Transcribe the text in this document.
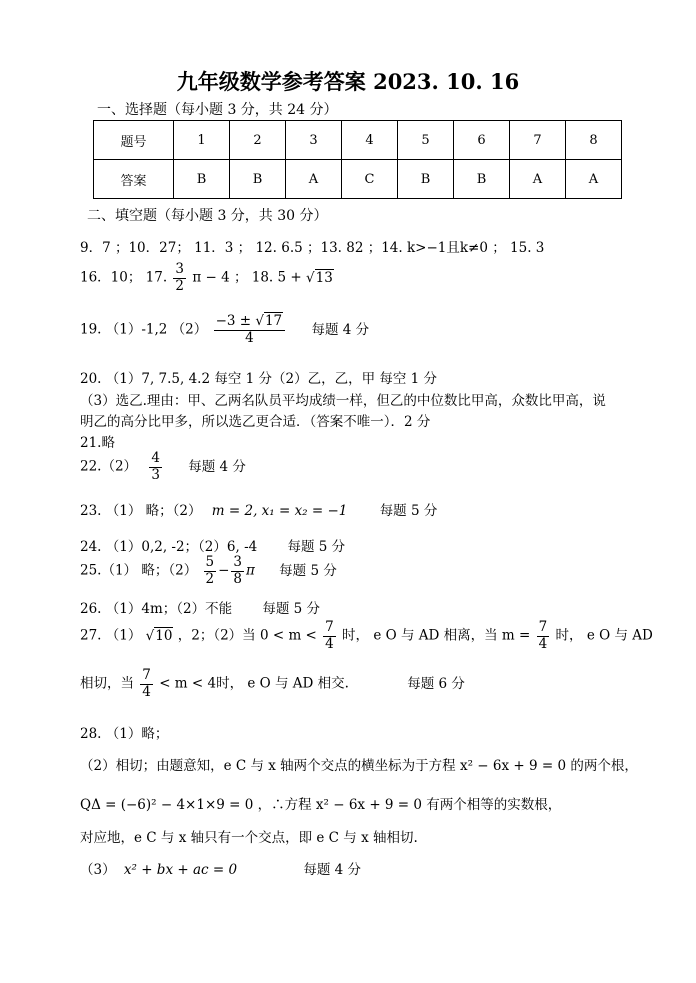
九年级数学参考答案 2023. 10. 16
一、选择题（每小题 3 分，共 24 分）
题号	1	2	3	4	5	6	7	8
答案	B	B	A	C	B	B	A	A
二、填空题（每小题 3 分，共 30 分）
9．7 ；10．27； 11．3 ； 12. 6.5 ；13. 82 ；14. k>−1且k≠0 ； 15. 3
16．10； 17. $\frac{3}{2}$ π − 4 ； 18. 5 + √13
19. （1）-1,2 $(2) \frac{-3 \pm √17}{4}$ 每题 4 分
20. （1）7, 7.5, 4.2 每空 1 分（2）乙，乙，甲 每空 1 分
（3）选乙.理由：甲、乙两名队员平均成绩一样，但乙的中位数比甲高，众数比甲高，说
明乙的高分比甲多，所以选乙更合适．（答案不唯一）．2 分
21.略
$22.(2) \frac{4}{3}$ 每题 4 分
23. （1） 略；（2） m = 2, x₁ = x₂ = −1 每题 5 分
24. （1）0,2, -2；（2）6, -4 每题 5 分
25.（1） 略；$(2) \frac{5}{2} - \frac{3}{8}$ π 每题 5 分
26. （1）4m；（2）不能 每题 5 分
27. （1） √10 ，2；（2）当 $0 < m < \frac{7}{4}$ 时， e O 与 AD 相离，当 $m = \frac{7}{4}$ 时， e O 与 AD
相切，当 $\frac{7}{4} < m < 4$时， e O 与 AD 相交.	每题 6 分
28. （1）略；
（2）相切；由题意知，e C 与 x 轴两个交点的横坐标为于方程 x² − 6x + 9 = 0 的两个根，
QΔ = (−6)² − 4×1×9 = 0 ，∴方程 x² − 6x + 9 = 0 有两个相等的实数根，
对应地，e C 与 x 轴只有一个交点，即 e C 与 x 轴相切.
（3） x² + bx + ac = 0	每题 4 分
